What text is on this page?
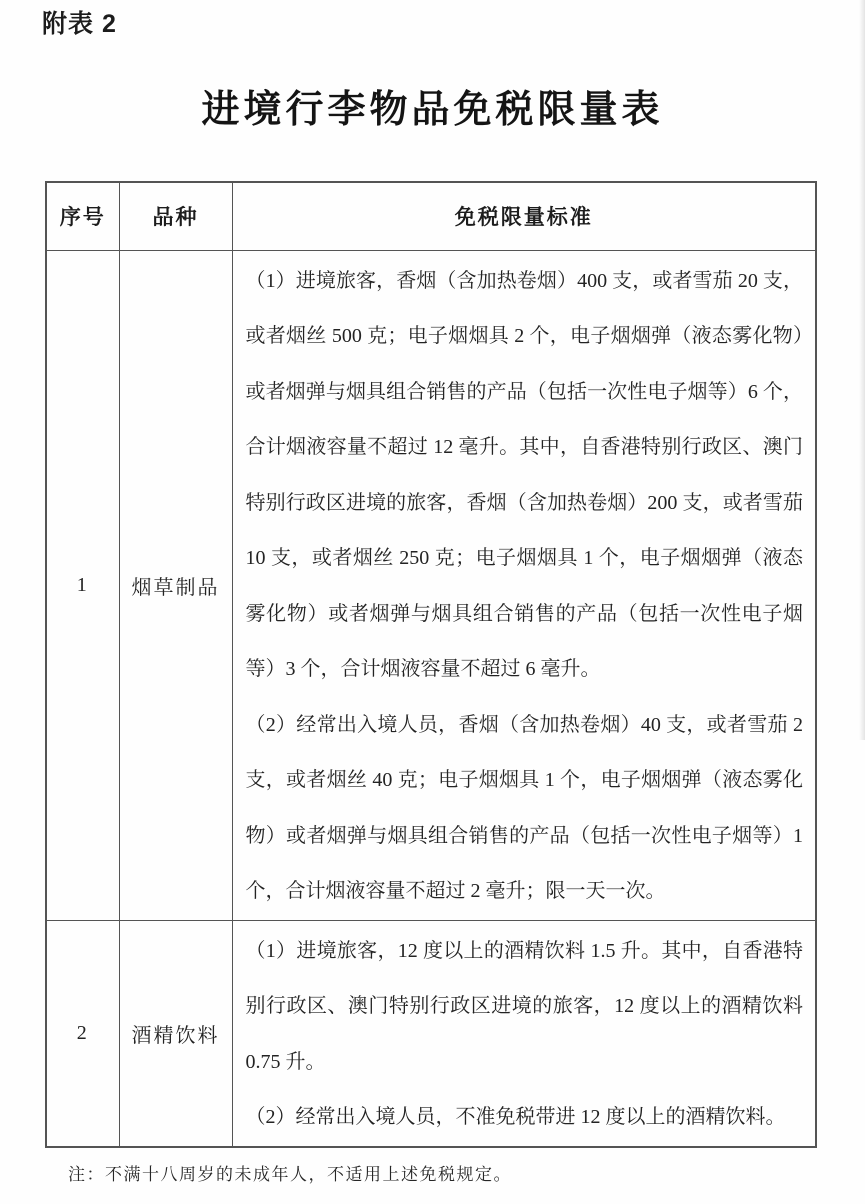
附表 2
进境行李物品免税限量表
序号	品种	免税限量标准
1	烟草制品	（1）进境旅客，香烟（含加热卷烟）400 支，或者雪茄 20 支，或者烟丝 500 克；电子烟烟具 2 个，电子烟烟弹（液态雾化物）或者烟弹与烟具组合销售的产品（包括一次性电子烟等）6 个，合计烟液容量不超过 12 毫升。其中，自香港特别行政区、澳门特别行政区进境的旅客，香烟（含加热卷烟）200 支，或者雪茄 10 支，或者烟丝 250 克；电子烟烟具 1 个，电子烟烟弹（液态雾化物）或者烟弹与烟具组合销售的产品（包括一次性电子烟等）3 个，合计烟液容量不超过 6 毫升。

（2）经常出入境人员，香烟（含加热卷烟）40 支，或者雪茄 2 支，或者烟丝 40 克；电子烟烟具 1 个，电子烟烟弹（液态雾化物）或者烟弹与烟具组合销售的产品（包括一次性电子烟等）1 个，合计烟液容量不超过 2 毫升；限一天一次。

2	酒精饮料	（1）进境旅客，12 度以上的酒精饮料 1.5 升。其中，自香港特别行政区、澳门特别行政区进境的旅客，12 度以上的酒精饮料 0.75 升。

（2）经常出入境人员，不准免税带进 12 度以上的酒精饮料。

注：不满十八周岁的未成年人，不适用上述免税规定。
